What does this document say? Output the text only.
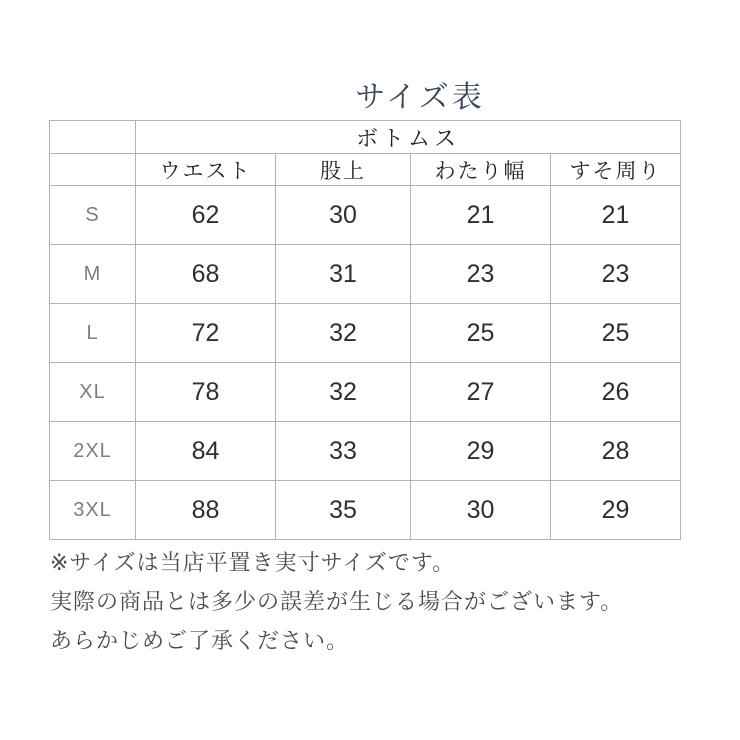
サイズ表
	ボトムス			
	ウエスト	股上	わたり幅	すそ周り
S	62	30	21	21
M	68	31	23	23
L	72	32	25	25
XL	78	32	27	26
2XL	84	33	29	28
3XL	88	35	30	29
※サイズは当店平置き実寸サイズです。
実際の商品とは多少の誤差が生じる場合がございます。
あらかじめご了承ください。
